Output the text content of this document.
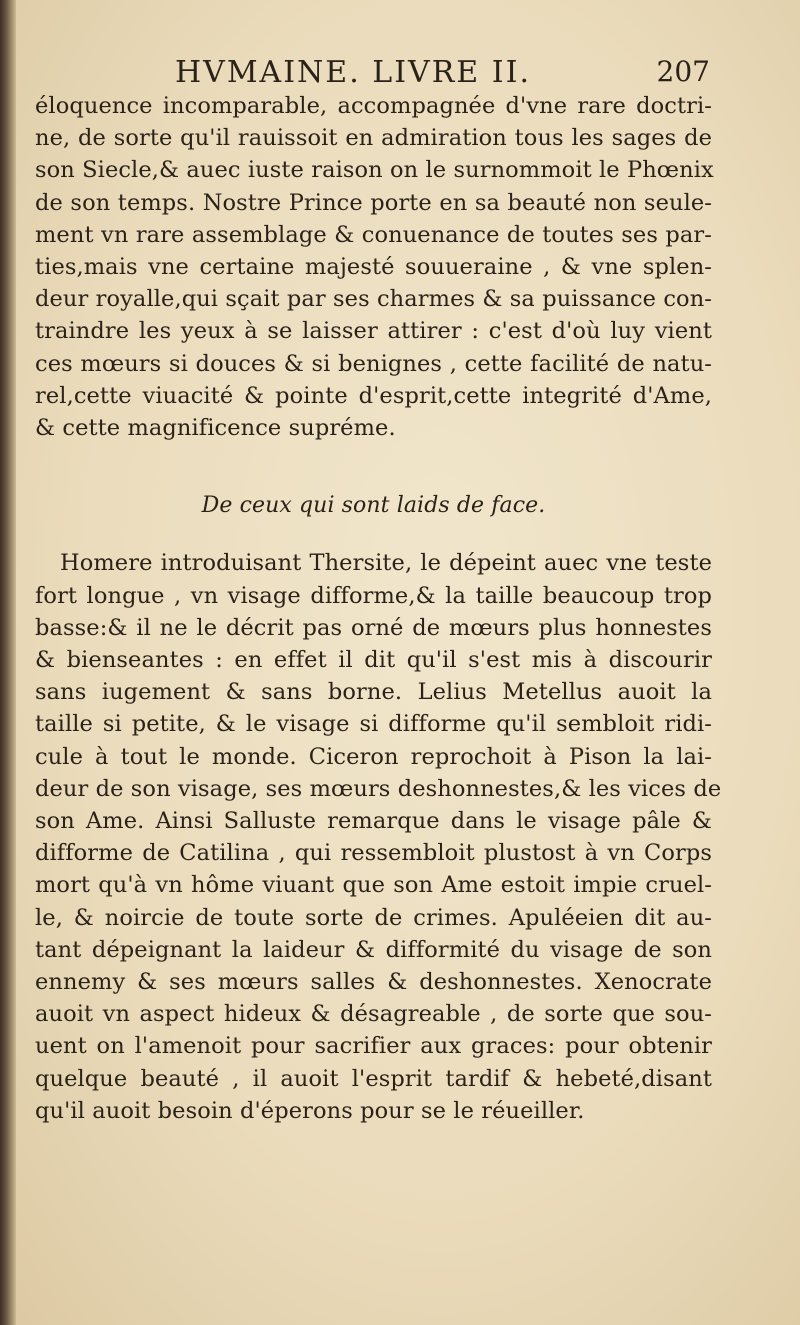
HVMAINE. LIVRE II.	207
éloquence incomparable, accompagnée d'vne rare doctri-
ne, de sorte qu'il rauissoit en admiration tous les sages de
son Siecle,& auec iuste raison on le surnommoit le Phœnix
de son temps. Nostre Prince porte en sa beauté non seule-
ment vn rare assemblage & conuenance de toutes ses par-
ties,mais vne certaine majesté souueraine , & vne splen-
deur royalle,qui sçait par ses charmes & sa puissance con-
traindre les yeux à se laisser attirer : c'est d'où luy vient
ces mœurs si douces & si benignes , cette facilité de natu-
rel,cette viuacité & pointe d'esprit,cette integrité d'Ame,
& cette magnificence supréme.
De ceux qui sont laids de face.
Homere introduisant Thersite, le dépeint auec vne teste
fort longue , vn visage difforme,& la taille beaucoup trop
basse:& il ne le décrit pas orné de mœurs plus honnestes
& bienseantes : en effet il dit qu'il s'est mis à discourir
sans iugement & sans borne. Lelius Metellus auoit la
taille si petite, & le visage si difforme qu'il sembloit ridi-
cule à tout le monde. Ciceron reprochoit à Pison la lai-
deur de son visage, ses mœurs deshonnestes,& les vices de
son Ame. Ainsi Salluste remarque dans le visage pâle &
difforme de Catilina , qui ressembloit plustost à vn Corps
mort qu'à vn hôme viuant que son Ame estoit impie cruel-
le, & noircie de toute sorte de crimes. Apuléeien dit au-
tant dépeignant la laideur & difformité du visage de son
ennemy & ses mœurs salles & deshonnestes. Xenocrate
auoit vn aspect hideux & désagreable , de sorte que sou-
uent on l'amenoit pour sacrifier aux graces: pour obtenir
quelque beauté , il auoit l'esprit tardif & hebeté,disant
qu'il auoit besoin d'éperons pour se le réueiller.
